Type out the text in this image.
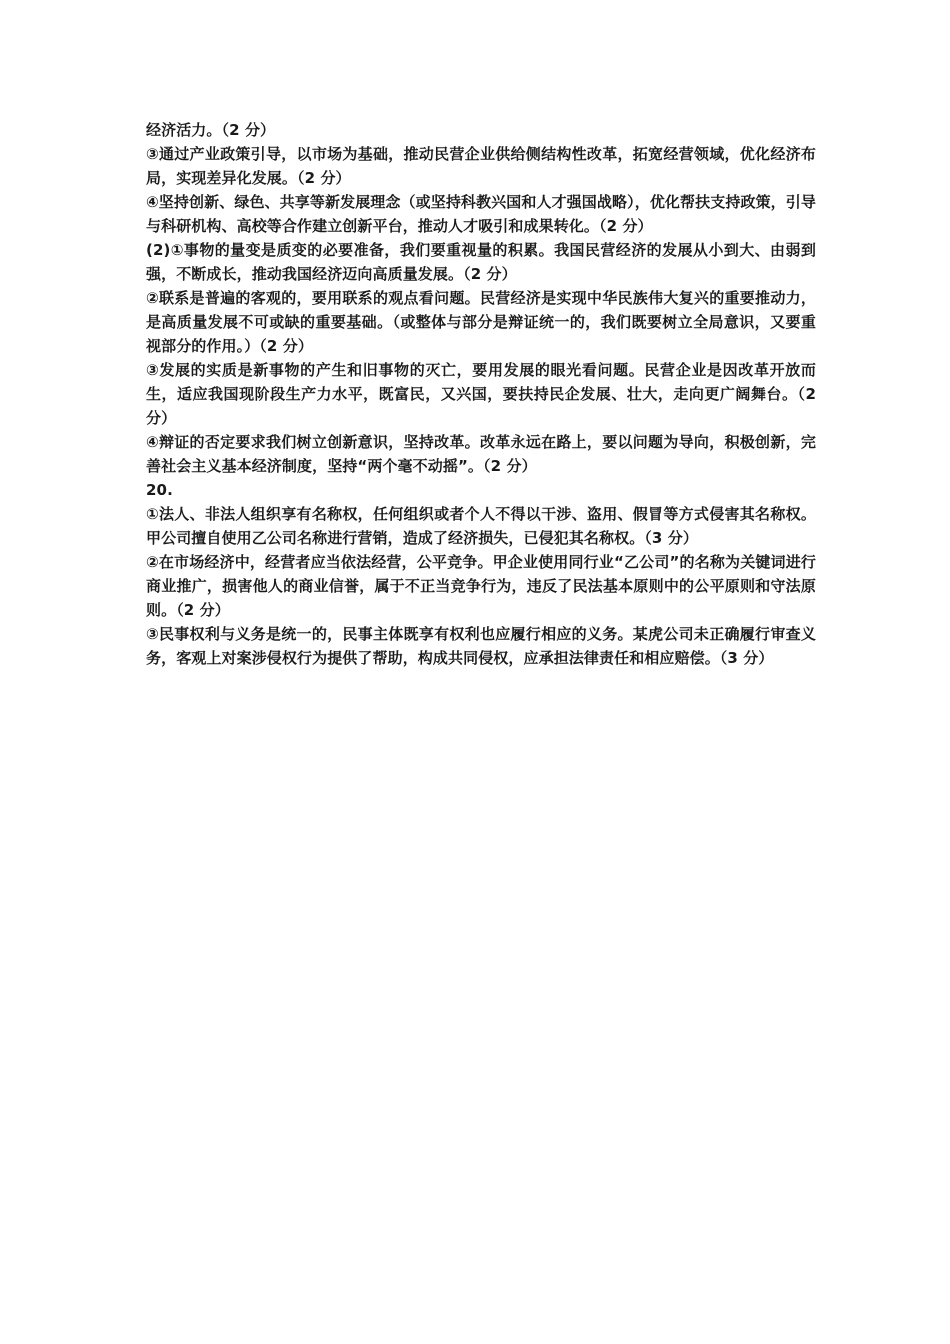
经济活力。（2 分）

③通过产业政策引导，以市场为基础，推动民营企业供给侧结构性改革，拓宽经营领域，优化经济布局，实现差异化发展。（2 分）

④坚持创新、绿色、共享等新发展理念（或坚持科教兴国和人才强国战略），优化帮扶支持政策，引导与科研机构、高校等合作建立创新平台，推动人才吸引和成果转化。（2 分）

(2)①事物的量变是质变的必要准备，我们要重视量的积累。我国民营经济的发展从小到大、由弱到强，不断成长，推动我国经济迈向高质量发展。（2 分）

②联系是普遍的客观的，要用联系的观点看问题。民营经济是实现中华民族伟大复兴的重要推动力，是高质量发展不可或缺的重要基础。（或整体与部分是辩证统一的，我们既要树立全局意识，又要重视部分的作用。）（2 分）

③发展的实质是新事物的产生和旧事物的灭亡，要用发展的眼光看问题。民营企业是因改革开放而生，适应我国现阶段生产力水平，既富民，又兴国，要扶持民企发展、壮大，走向更广阔舞台。（2 分）

④辩证的否定要求我们树立创新意识，坚持改革。改革永远在路上，要以问题为导向，积极创新，完善社会主义基本经济制度，坚持“两个毫不动摇”。（2 分）

20.

①法人、非法人组织享有名称权，任何组织或者个人不得以干涉、盗用、假冒等方式侵害其名称权。甲公司擅自使用乙公司名称进行营销，造成了经济损失，已侵犯其名称权。（3 分）

②在市场经济中，经营者应当依法经营，公平竞争。甲企业使用同行业“乙公司”的名称为关键词进行商业推广，损害他人的商业信誉，属于不正当竞争行为，违反了民法基本原则中的公平原则和守法原则。（2 分）

③民事权利与义务是统一的，民事主体既享有权利也应履行相应的义务。某虎公司未正确履行审查义务，客观上对案涉侵权行为提供了帮助，构成共同侵权，应承担法律责任和相应赔偿。（3 分）
